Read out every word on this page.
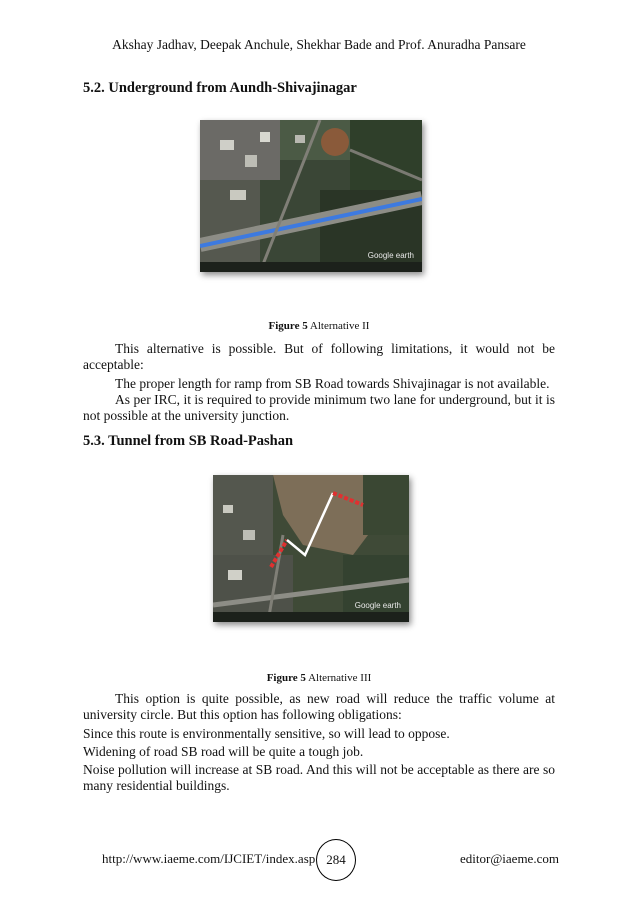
Akshay Jadhav, Deepak Anchule, Shekhar Bade and Prof. Anuradha Pansare
5.2. Underground from Aundh-Shivajinagar
Google earth
Figure 5 Alternative II
This alternative is possible. But of following limitations, it would not be acceptable:
The proper length for ramp from SB Road towards Shivajinagar is not available.
As per IRC, it is required to provide minimum two lane for underground, but it is not possible at the university junction.
5.3. Tunnel from SB Road-Pashan
Google earth
Figure 5 Alternative III
This option is quite possible, as new road will reduce the traffic volume at university circle. But this option has following obligations:
Since this route is environmentally sensitive, so will lead to oppose.
Widening of road SB road will be quite a tough job.
Noise pollution will increase at SB road. And this will not be acceptable as there are so many residential buildings.
http://www.iaeme.com/IJCIET/index.asp 284	editor@iaeme.com
